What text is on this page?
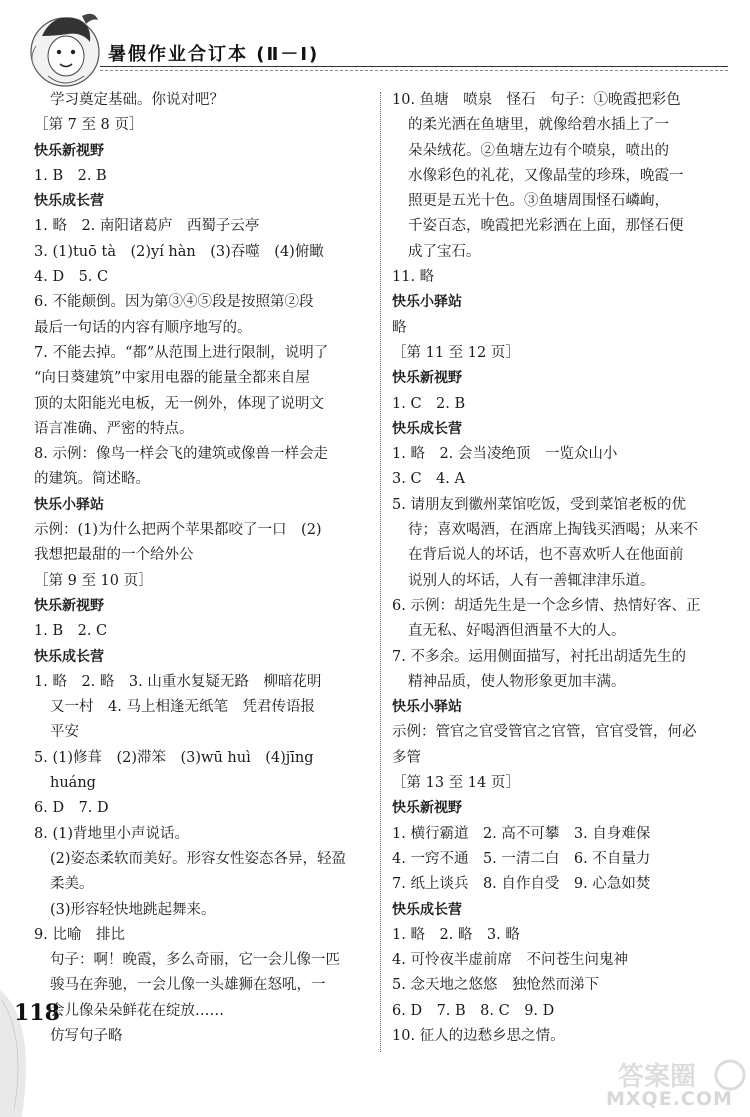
暑假作业合订本 (Ⅱ－Ⅰ)
学习奠定基础。你说对吧？
［第 7 至 8 页］
快乐新视野
1. B　2. B
快乐成长营
1. 略　2. 南阳诸葛庐　西蜀子云亭
3. (1)tuō tà　(2)yí hàn　(3)吞噬　(4)俯瞰
4. D　5. C
6. 不能颠倒。因为第③④⑤段是按照第②段
最后一句话的内容有顺序地写的。
7. 不能去掉。“都”从范围上进行限制，说明了
“向日葵建筑”中家用电器的能量全都来自屋
顶的太阳能光电板，无一例外，体现了说明文
语言准确、严密的特点。
8. 示例：像鸟一样会飞的建筑或像兽一样会走
的建筑。简述略。
快乐小驿站
示例：(1)为什么把两个苹果都咬了一口　(2)
我想把最甜的一个给外公
［第 9 至 10 页］
快乐新视野
1. B　2. C
快乐成长营
1. 略　2. 略　3. 山重水复疑无路　柳暗花明
又一村　4. 马上相逢无纸笔　凭君传语报
平安
5. (1)修葺　(2)滞笨　(3)wū huì　(4)jīng
huáng
6. D　7. D
8. (1)背地里小声说话。
(2)姿态柔软而美好。形容女性姿态各异，轻盈
柔美。
(3)形容轻快地跳起舞来。
9. 比喻　排比
句子：啊！晚霞，多么奇丽，它一会儿像一匹
骏马在奔驰，一会儿像一头雄狮在怒吼，一
会儿像朵朵鲜花在绽放……
仿写句子略
10. 鱼塘　喷泉　怪石　句子：①晚霞把彩色
的柔光洒在鱼塘里，就像给碧水插上了一
朵朵绒花。②鱼塘左边有个喷泉，喷出的
水像彩色的礼花，又像晶莹的珍珠，晚霞一
照更是五光十色。③鱼塘周围怪石嶙峋，
千姿百态，晚霞把光彩洒在上面，那怪石便
成了宝石。
11. 略
快乐小驿站
略
［第 11 至 12 页］
快乐新视野
1. C　2. B
快乐成长营
1. 略　2. 会当凌绝顶　一览众山小
3. C　4. A
5. 请朋友到徽州菜馆吃饭，受到菜馆老板的优
待；喜欢喝酒，在酒席上掏钱买酒喝；从来不
在背后说人的坏话，也不喜欢听人在他面前
说别人的坏话，人有一善辄津津乐道。
6. 示例：胡适先生是一个念乡情、热情好客、正
直无私、好喝酒但酒量不大的人。
7. 不多余。运用侧面描写，衬托出胡适先生的
精神品质，使人物形象更加丰满。
快乐小驿站
示例：管官之官受管官之官管，官官受管，何必
多管
［第 13 至 14 页］
快乐新视野
1. 横行霸道　2. 高不可攀　3. 自身难保
4. 一窍不通　5. 一清二白　6. 不自量力
7. 纸上谈兵　8. 自作自受　9. 心急如焚
快乐成长营
1. 略　2. 略　3. 略
4. 可怜夜半虚前席　不问苍生问鬼神
5. 念天地之悠悠　独怆然而涕下
6. D　7. B　8. C　9. D
10. 征人的边愁乡思之情。
118
答案圈
MXQE.COM
